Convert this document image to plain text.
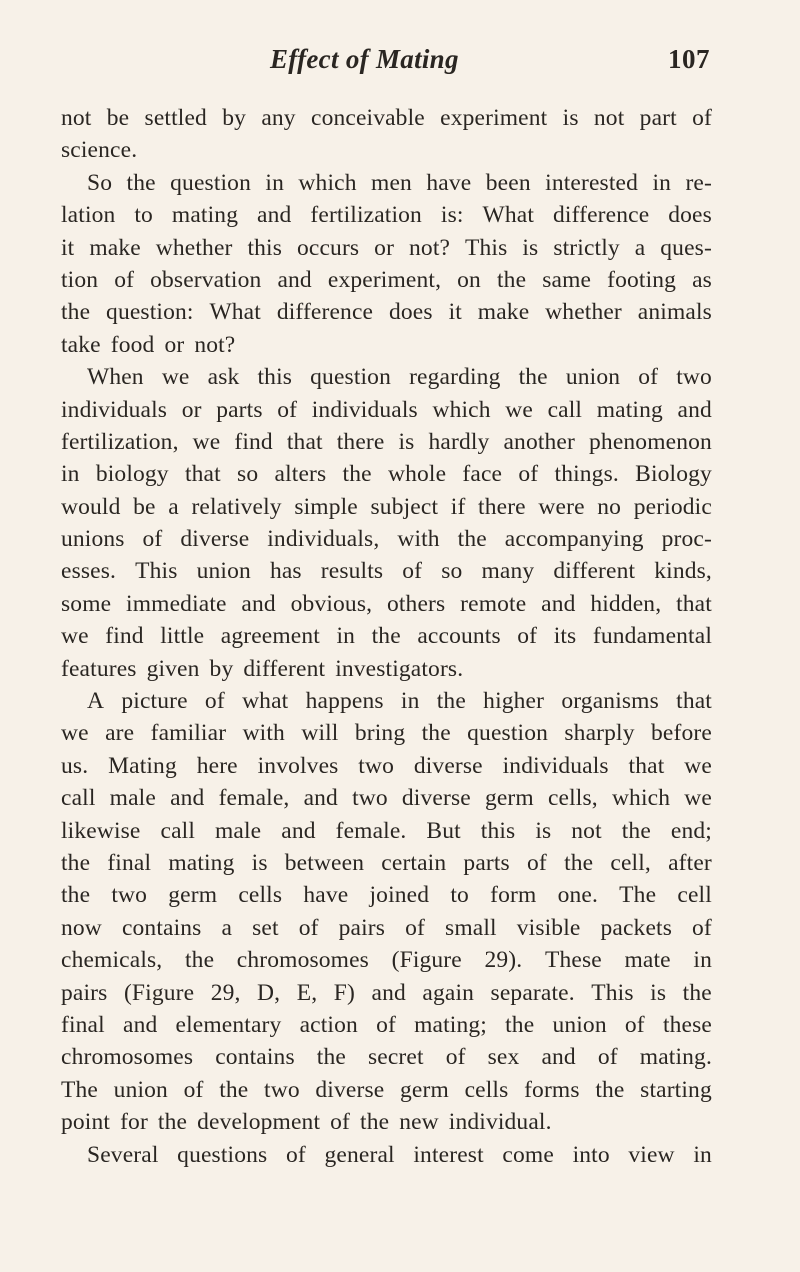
Effect of Mating	107
not be settled by any conceivable experiment is not part of
science.
So the question in which men have been interested in re-
lation to mating and fertilization is: What difference does
it make whether this occurs or not? This is strictly a ques-
tion of observation and experiment, on the same footing as
the question: What difference does it make whether animals
take food or not?
When we ask this question regarding the union of two
individuals or parts of individuals which we call mating and
fertilization, we find that there is hardly another phenomenon
in biology that so alters the whole face of things. Biology
would be a relatively simple subject if there were no periodic
unions of diverse individuals, with the accompanying proc-
esses. This union has results of so many different kinds,
some immediate and obvious, others remote and hidden, that
we find little agreement in the accounts of its fundamental
features given by different investigators.
A picture of what happens in the higher organisms that
we are familiar with will bring the question sharply before
us. Mating here involves two diverse individuals that we
call male and female, and two diverse germ cells, which we
likewise call male and female. But this is not the end;
the final mating is between certain parts of the cell, after
the two germ cells have joined to form one. The cell
now contains a set of pairs of small visible packets of
chemicals, the chromosomes (Figure 29). These mate in
pairs (Figure 29, D, E, F) and again separate. This is the
final and elementary action of mating; the union of these
chromosomes contains the secret of sex and of mating.
The union of the two diverse germ cells forms the starting
point for the development of the new individual.
Several questions of general interest come into view in
